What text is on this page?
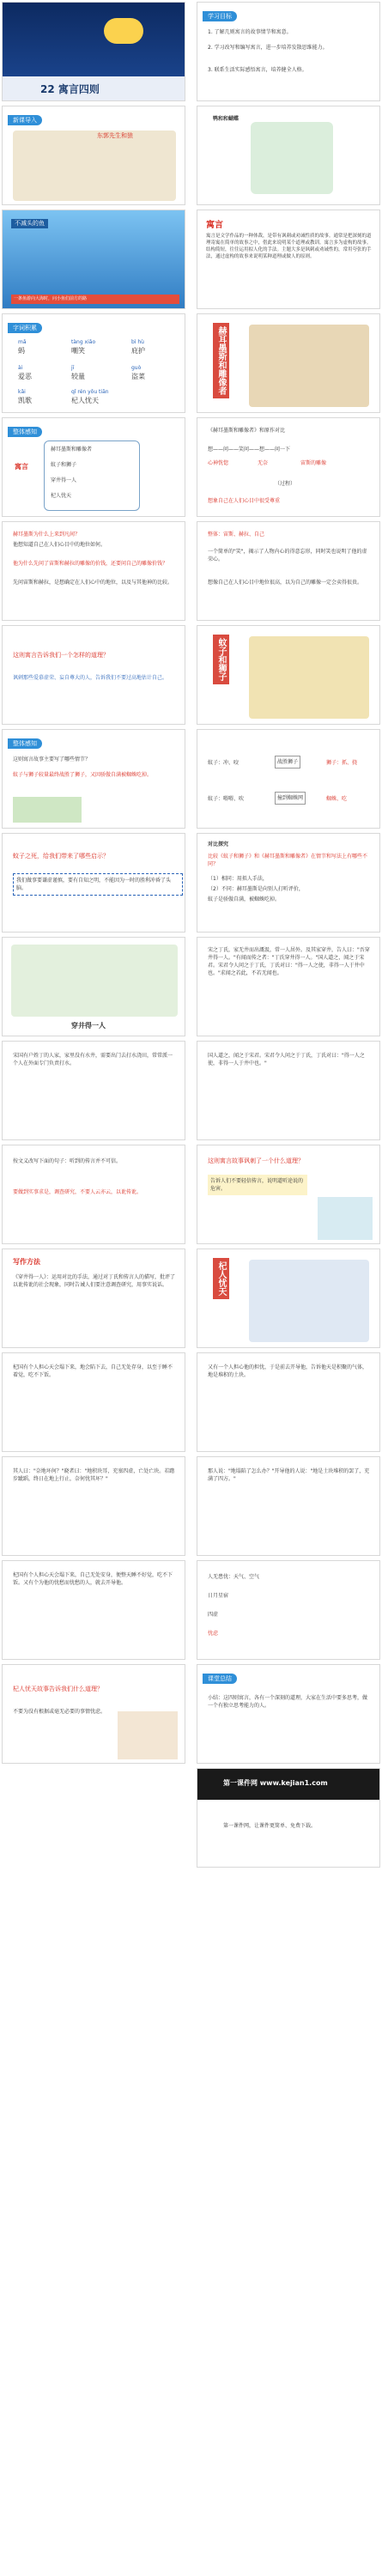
22 寓言四则
学习目标
1. 了解几则寓言的故事情节和寓意。
2. 学习改写和编写寓言，进一步培养发散思维能力。
3. 联系生活实际感悟寓言，培养健全人格。
新课导入
东郭先生和狼
鸭和和蝴蝶
不减头的鱼
一条鱼游向大海时，问小鱼们前方的路
寓言
寓言是文学作品的一种体裁，是带有讽刺或劝诫性质的故事。通常是把深刻的道理寄寓在简单的故事之中，借此来说明某个道理或教训。寓言多为虚构的故事。结构简短，往往运用拟人化的手法。主题大多是讽刺或劝诫性的，常用夸张的手法，通过虚构的故事来说明某种道理或做人的原则。
字词积累
mǎ	tàng xiǎo	bì hù
蚂	嘲笑	庇护
ài	jī	guò
爱恶	较量	盗菜
kǎi	qǐ rén yōu tiān
凯歌	杞人忧天
赫耳墨斯和雕像者
整体感知
寓言
赫耳墨斯和雕像者
蚊子和狮子
穿井得一人
杞人忧天
《赫耳墨斯和雕像者》和原作对比
想——问——笑问——想——问一下
心神恍惚	无奈	宙斯的雕像
（过程）
想象自己在人们心目中很受尊重
赫耳墨斯为什么上来到凡间？
他想知道自己在人们心目中的地位如何。
他为什么先问了宙斯和赫拉的雕像的价钱，还要问自己的雕像价钱？
先问宙斯和赫拉，是想确定在人们心中的地位，以及与其他神的比较。
整体：宙斯、赫拉、自己
一个简单的"笑"，揭示了人物内心的得意忘形，同时笑也说明了他的虚荣心。
想像自己在人们心目中地位很高，以为自己的雕像一定会卖得很贵。
这则寓言告诉我们一个怎样的道理？
讽刺那些爱慕虚荣、妄自尊大的人，告诉我们不要过高地估计自己。	蚊子和狮子
整体感知
这则寓言故事主要写了哪些情节？
蚊子与狮子较量最终战胜了狮子，又因骄傲自满被蜘蛛吃掉。
蚊子：冲、咬	战胜狮子	狮子：抓、挠
蚊子：嘚嘚、吹	撞到蜘蛛网	蜘蛛、吃
蚊子之死，给我们带来了哪些启示？
我们做事要谦虚谨慎，要有自知之明，不能因为一时的胜利冲昏了头脑。
对比探究
比较《蚊子和狮子》和《赫耳墨斯和雕像者》在情节和写法上有哪些不同？
（1）相同：用拟人手法，
（2）不同：赫耳墨斯是向别人打听评价，
蚊子是骄傲自满，被蜘蛛吃掉。
穿井得一人
宋之丁氏，家无井而出溉汲，常一人居外。及其家穿井，告人曰："吾穿井得一人。"有闻而传之者："丁氏穿井得一人。"国人道之，闻之于宋君。宋君令人问之于丁氏，丁氏对曰："得一人之使，非得一人于井中也。"求闻之若此，不若无闻也。
宋国有户姓丁的人家，家里没有水井，需要出门去打水浇田，常常派一个人在外面专门负责打水。
国人道之，闻之于宋君。宋君令人问之于丁氏，丁氏对曰："得一人之使，非得一人于井中也。"
按文义改写下面的句子：听到的传言并不可信。
要做到实事求是，调查研究，不要人云亦云，以讹传讹。
这则寓言故事讽刺了一个什么道理？
告诉人们不要轻信传言，说明道听途说的危害。
写作方法
《穿井得一人》：运用对比的手法，通过对丁氏和传言人的描写，批评了以讹传讹的社会现象，同时告诫人们要注意调查研究，用事实说话。	杞人忧天
杞国有个人担心天会塌下来，地会陷下去，自己无处存身，以至于睡不着觉，吃不下饭。
又有一个人担心他的担忧，于是前去开导他，告诉他天是积聚的气体，地是堆积的土块。
其人曰："奈地坏何？"晓者曰："地积块耳，充塞四虚，亡处亡块。若躇步跐蹈，终日在地上行止，奈何忧其坏？"
那人说："地塌陷了怎么办？"开导他的人说："地是土块堆积的罢了，充满了四方。"
杞国有个人担心天会塌下来，自己无处安身，便整天睡不好觉，吃不下饭。又有个为他的忧愁而忧愁的人，就去开导他。
人无患忧：天气、空气
日月星宿
四虚
忧虑
杞人忧天故事告诉我们什么道理？
不要为没有根据或毫无必要的事情忧虑。
课堂总结
小结：这四则寓言，各有一个深刻的道理，大家在生活中要多思考，做一个有独立思考能力的人。
第一课件网 www.kejian1.com
第一课件网，让课件更简单、免费下载。
